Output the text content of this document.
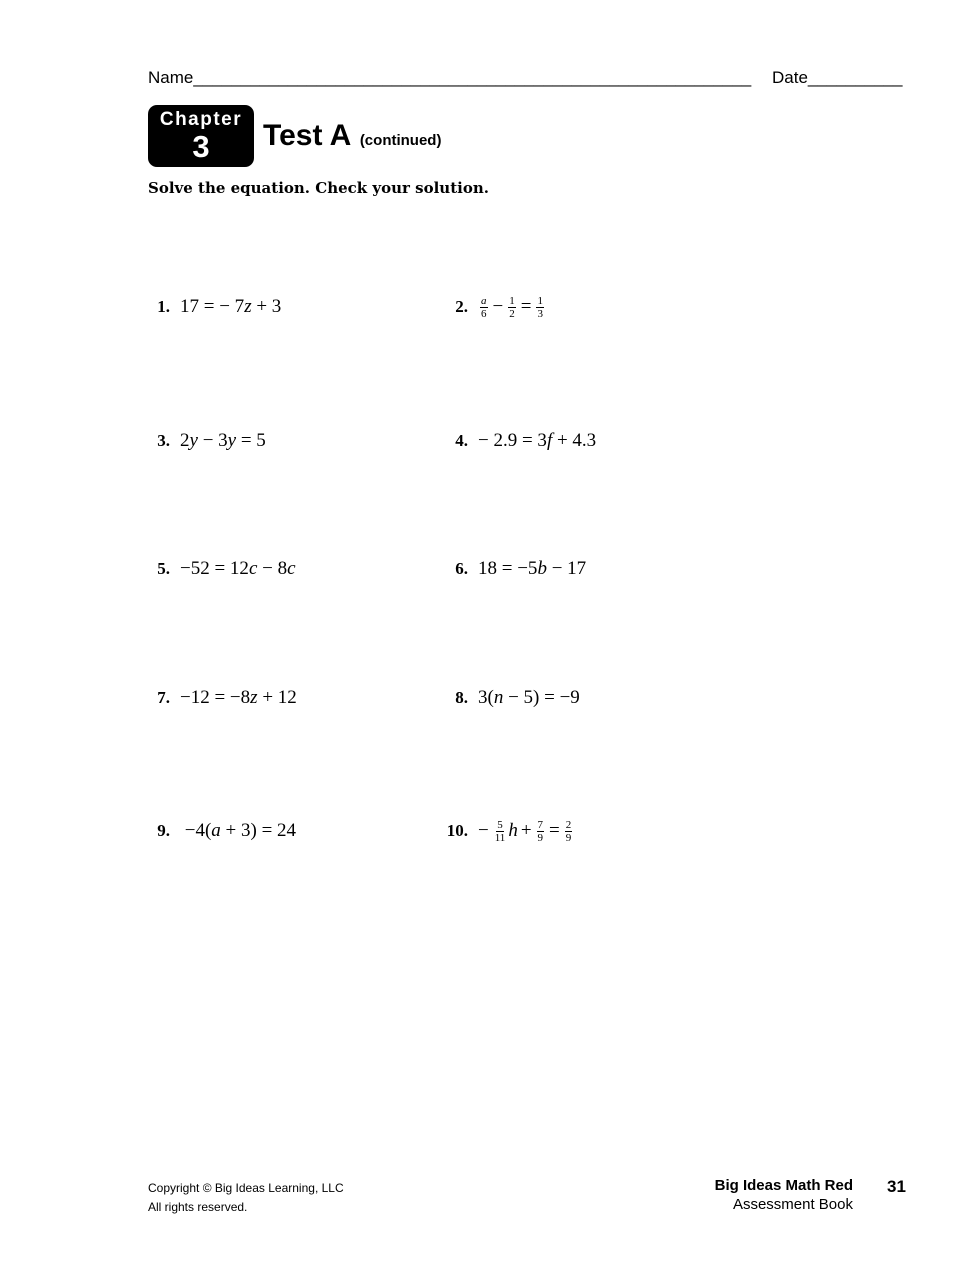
Name___________________________________________________________ Date__________
Chapter
3	Test A (continued)
Solve the equation. Check your solution.
1. 17 = − 7 z + 3	2. $\frac{a}{6} - \frac{1}{2} = \frac{1}{3}$
3. 2 y − 3 y = 5	4. − 2.9 = 3 f + 4.3
5. −52 = 12 c − 8 c	6. 18 = −5 b − 17
7. −12 = −8 z + 12	8. 3( n − 5) = −9
9. −4( a + 3) = 24	10. − $\frac{5}{11}$ $h + \frac{7}{9} = \frac{2}{9}$
Copyright © Big Ideas Learning, LLC
All rights reserved.
Big Ideas Math Red
Assessment Book
31
